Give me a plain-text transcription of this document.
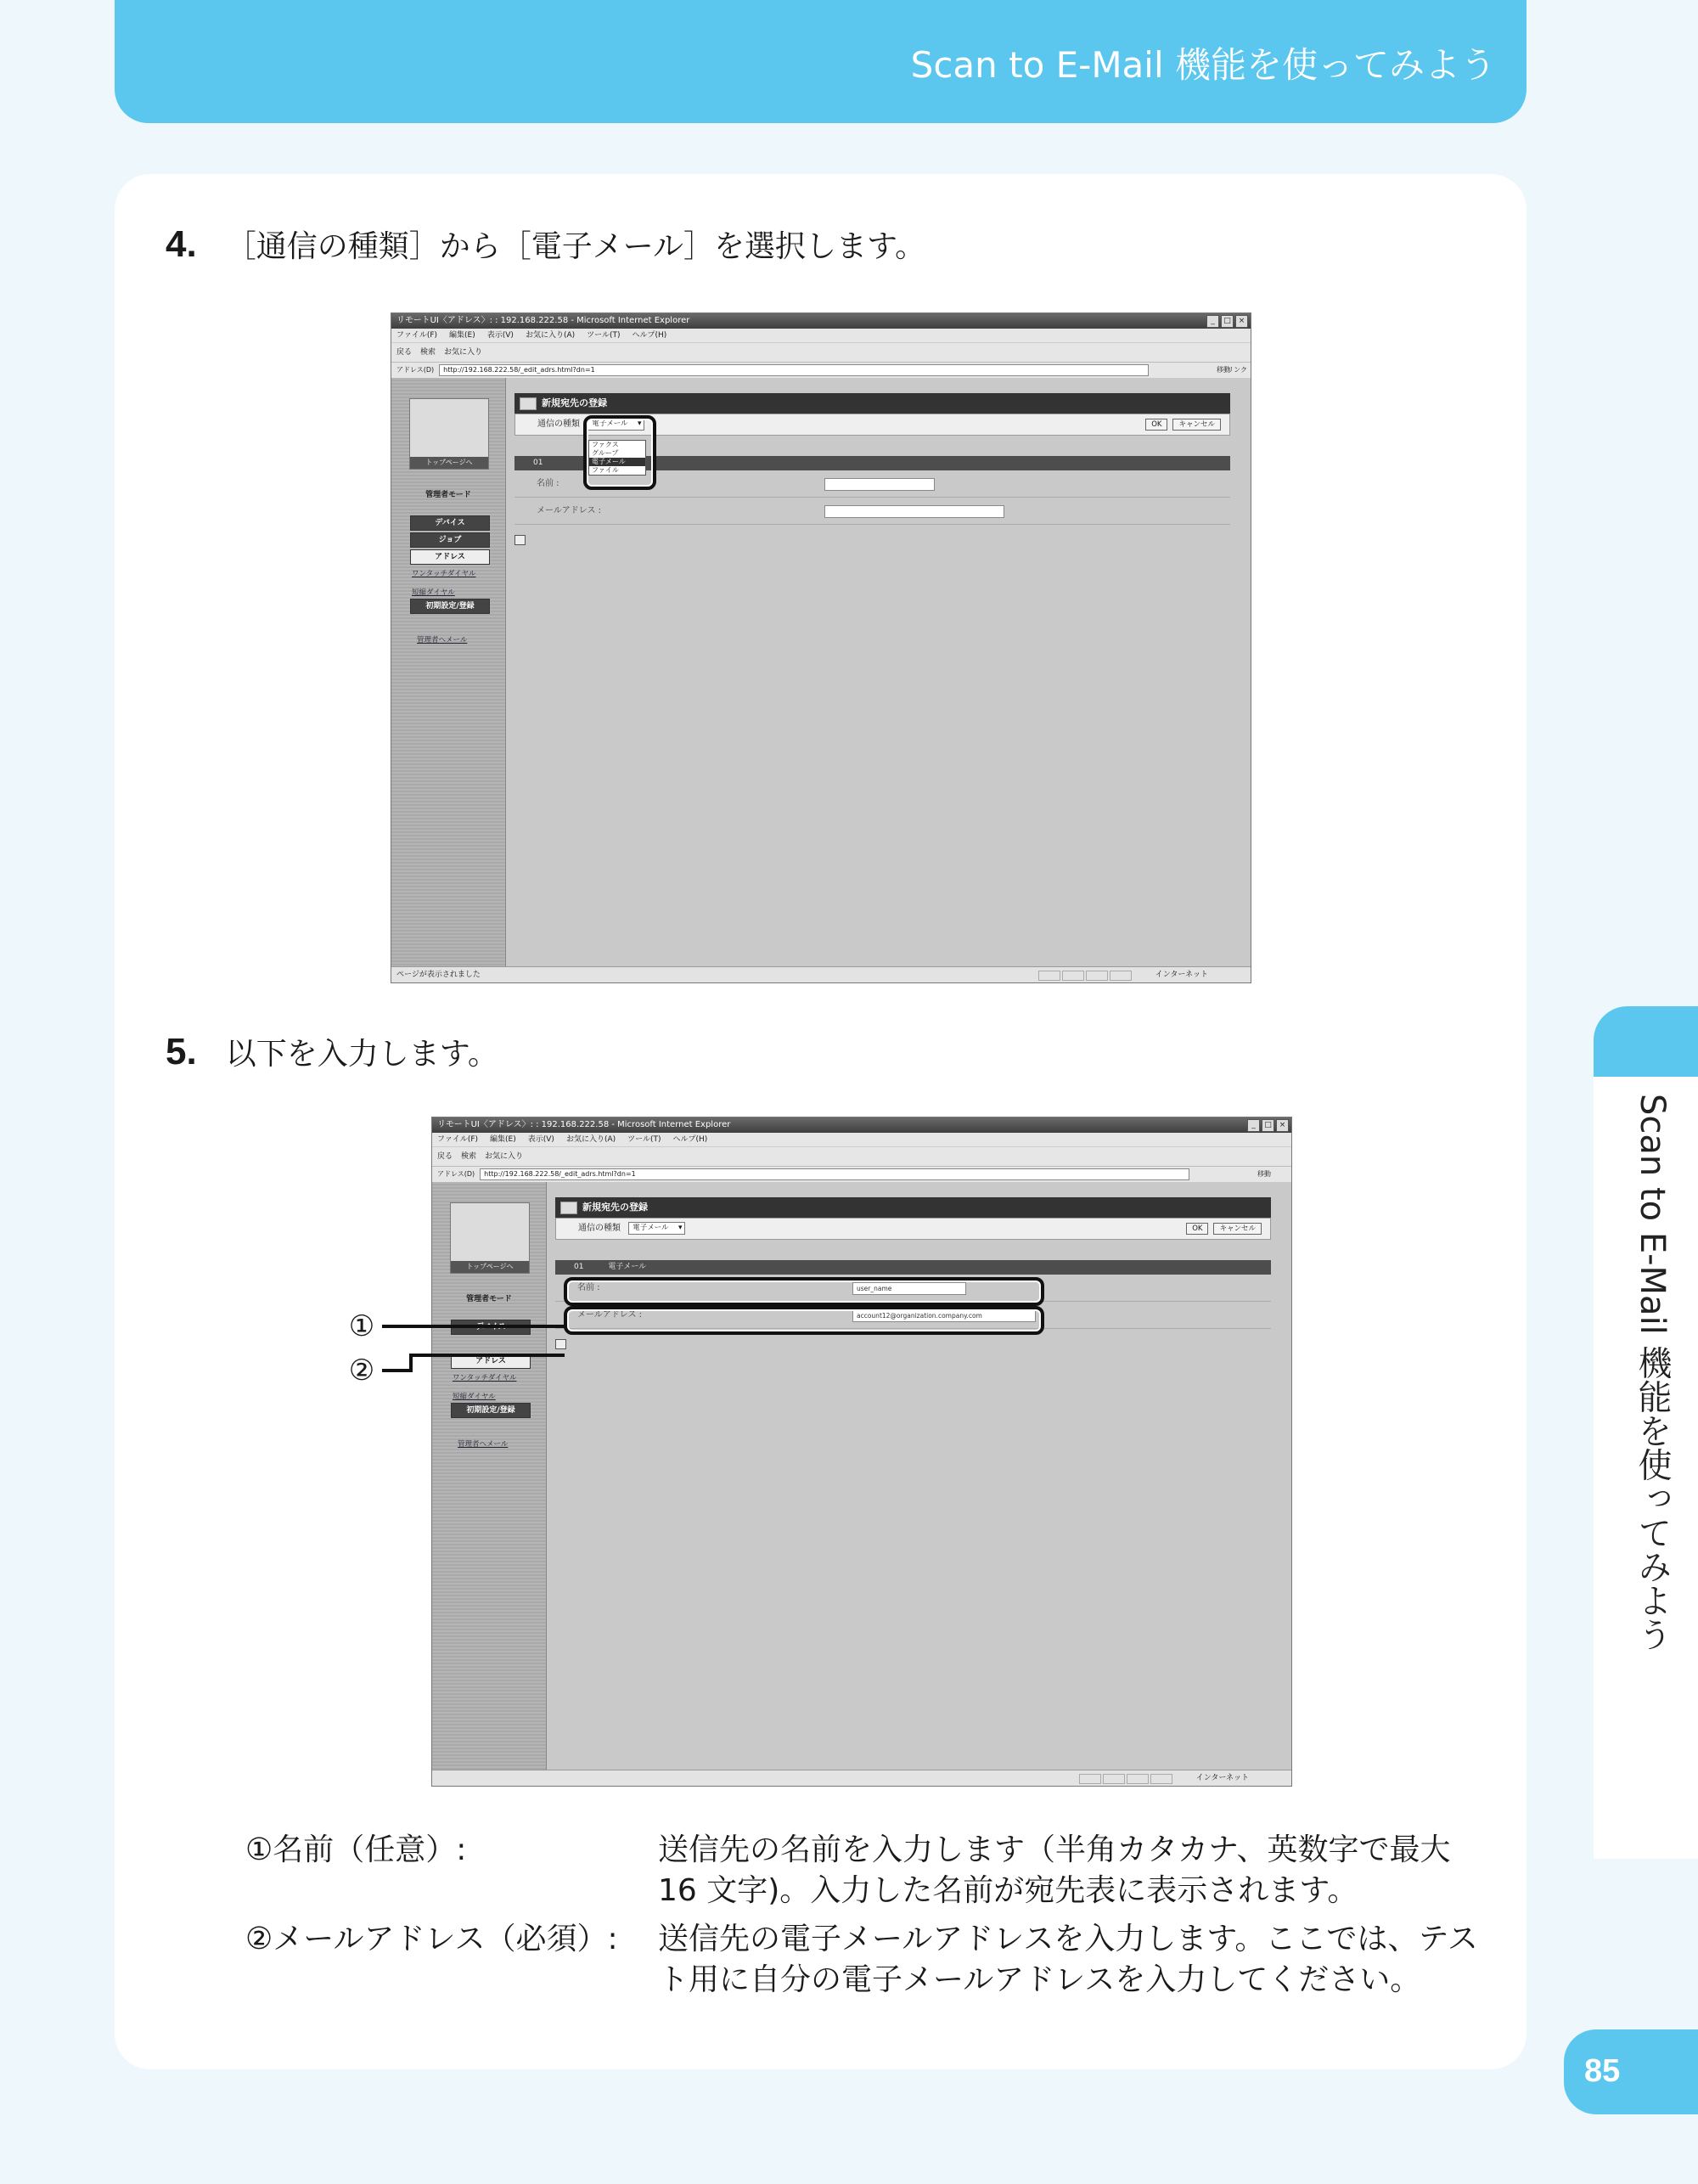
Scan to E-Mail 機能を使ってみよう
4. ［通信の種類］から［電子メール］を選択します。
リモートUI〈アドレス〉: : 192.168.222.58 - Microsoft Internet Explorer	_	□ ×
ファイル(F) 編集(E) 表示(V) お気に入り(A) ツール(T) ヘルプ(H)
戻る 検索 お気に入り
アドレス(D)	http://192.168.222.58/_edit_adrs.html?dn=1	移動
リンク
トップページへ
管理者モード
デバイス
ジョブ
アドレス
ワンタッチダイヤル
短縮ダイヤル
初期設定/登録
管理者へメール
新規宛先の登録
通信の種類 電子メール ▾	OK	キャンセル
01
名前 :
メールアドレス :
ファクス
グループ
電子メール
ファイル
ページが表示されました	インターネット
5. 以下を入力します。
リモートUI〈アドレス〉: : 192.168.222.58 - Microsoft Internet Explorer	_	□ ×
ファイル(F) 編集(E) 表示(V) お気に入り(A) ツール(T) ヘルプ(H)
戻る 検索 お気に入り
アドレス(D)	http://192.168.222.58/_edit_adrs.html?dn=1	移動
トップページへ
管理者モード
アドレス
ワンタッチダイヤル
短縮ダイヤル
初期設定/登録
管理者へメール
新規宛先の登録
通信の種類 電子メール ▾	OK	キャンセル
01	電子メール
名前 :	user_name
メールアドレス :	account12@organization.company.com
インターネット
①
②
①名前（任意）:	送信先の名前を入力します（半角カタカナ、英数字で最大 16 文字)。入力した名前が宛先表に表示されます。
②メールアドレス（必須）: 送信先の電子メールアドレスを入力します。ここでは、テスト用に自分の電子メールアドレスを入力してください。
Scan to E-Mail 機能を使ってみよう
85
